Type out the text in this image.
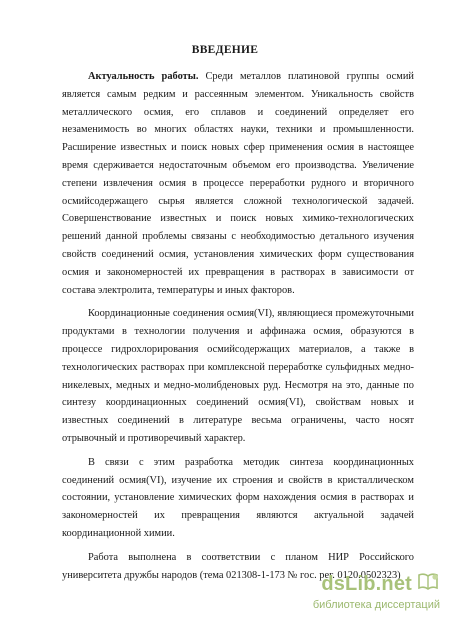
ВВЕДЕНИЕ

Актуальность работы. Среди металлов платиновой группы осмий является самым редким и рассеянным элементом. Уникальность свойств металлического осмия, его сплавов и соединений определяет его незаменимость во многих областях науки, техники и промышленности. Расширение известных и поиск новых сфер применения осмия в настоящее время сдерживается недостаточным объемом его производства. Увеличение степени извлечения осмия в процессе переработки рудного и вторичного осмийсодержащего сырья является сложной технологической задачей. Совершенствование известных и поиск новых химико-технологических решений данной проблемы связаны с необходимостью детального изучения свойств соединений осмия, установления химических форм существования осмия и закономерностей их превращения в растворах в зависимости от состава электролита, температуры и иных факторов.

Координационные соединения осмия(VI), являющиеся промежуточными продуктами в технологии получения и аффинажа осмия, образуются в процессе гидрохлорирования осмийсодержащих материалов, а также в технологических растворах при комплексной переработке сульфидных медно-никелевых, медных и медно-молибденовых руд. Несмотря на это, данные по синтезу координационных соединений осмия(VI), свойствам новых и известных соединений в литературе весьма ограничены, часто носят отрывочный и противоречивый характер.

В связи с этим разработка методик синтеза координационных соединений осмия(VI), изучение их строения и свойств в кристаллическом состоянии, установление химических форм нахождения осмия в растворах и закономерностей их превращения являются актуальной задачей координационной химии.

Работа выполнена в соответствии с планом НИР Российского университета дружбы народов (тема 021308-1-173 № гос. рег. 0120.0502323)

dsLib.net
библиотека диссертаций
